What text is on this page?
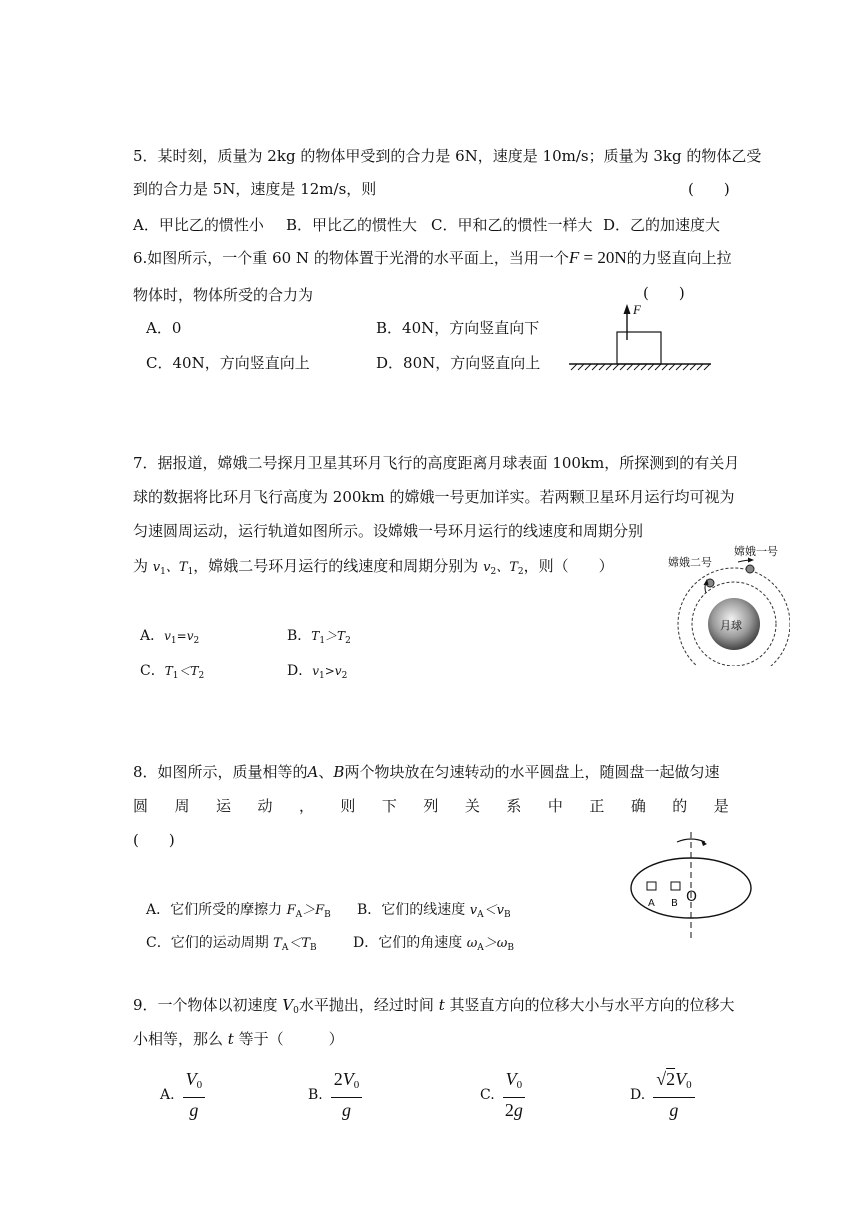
5．某时刻，质量为 2kg 的物体甲受到的合力是 6N，速度是 10m/s；质量为 3kg 的物体乙受
到的合力是 5N，速度是 12m/s，则	(　　)
A．甲比乙的惯性小 B．甲比乙的惯性大 C．甲和乙的惯性一样大 D．乙的加速度大
6.如图所示，一个重 60 N 的物体置于光滑的水平面上，当用一个F = 20N的力竖直向上拉
物体时，物体所受的合力为	(　　)
A．0	B．40N，方向竖直向下
C．40N，方向竖直向上	D．80N，方向竖直向上
F
7．据报道，嫦娥二号探月卫星其环月飞行的高度距离月球表面 100km，所探测到的有关月
球的数据将比环月飞行高度为 200km 的嫦娥一号更加详实。若两颗卫星环月运行均可视为
匀速圆周运动，运行轨道如图所示。设嫦娥一号环月运行的线速度和周期分别
为 $v_1$、$T_1$，嫦娥二号环月运行的线速度和周期分别为 $v_2$、$T_2$，则（　　）
A．$v_1=v_2$	B．$T_1>T_2$
C．$T_1<T_2$	D．$v_1>v_2$
月球
嫦娥一号
嫦娥二号
8．如图所示，质量相等的A、B两个物块放在匀速转动的水平圆盘上，随圆盘一起做匀速
圆 周 运 动 ， 则 下 列 关 系 中 正 确 的 是
(　　)
A．它们所受的摩擦力 $F_A>F_B$ B．它们的线速度 $v_A<v_B$
C．它们的运动周期 $T_A<T_B$	D．它们的角速度 $\omega_A>\omega_B$
A B O
9．一个物体以初速度 $V_0$水平抛出，经过时间 t 其竖直方向的位移大小与水平方向的位移大
小相等，那么 t 等于（　　　）
A. $\frac{V_0}{g}$	B. $\frac{2V_0}{g}$	C. $\frac{V_0}{2g}$	D. $\frac{√2V_0}{g}$
